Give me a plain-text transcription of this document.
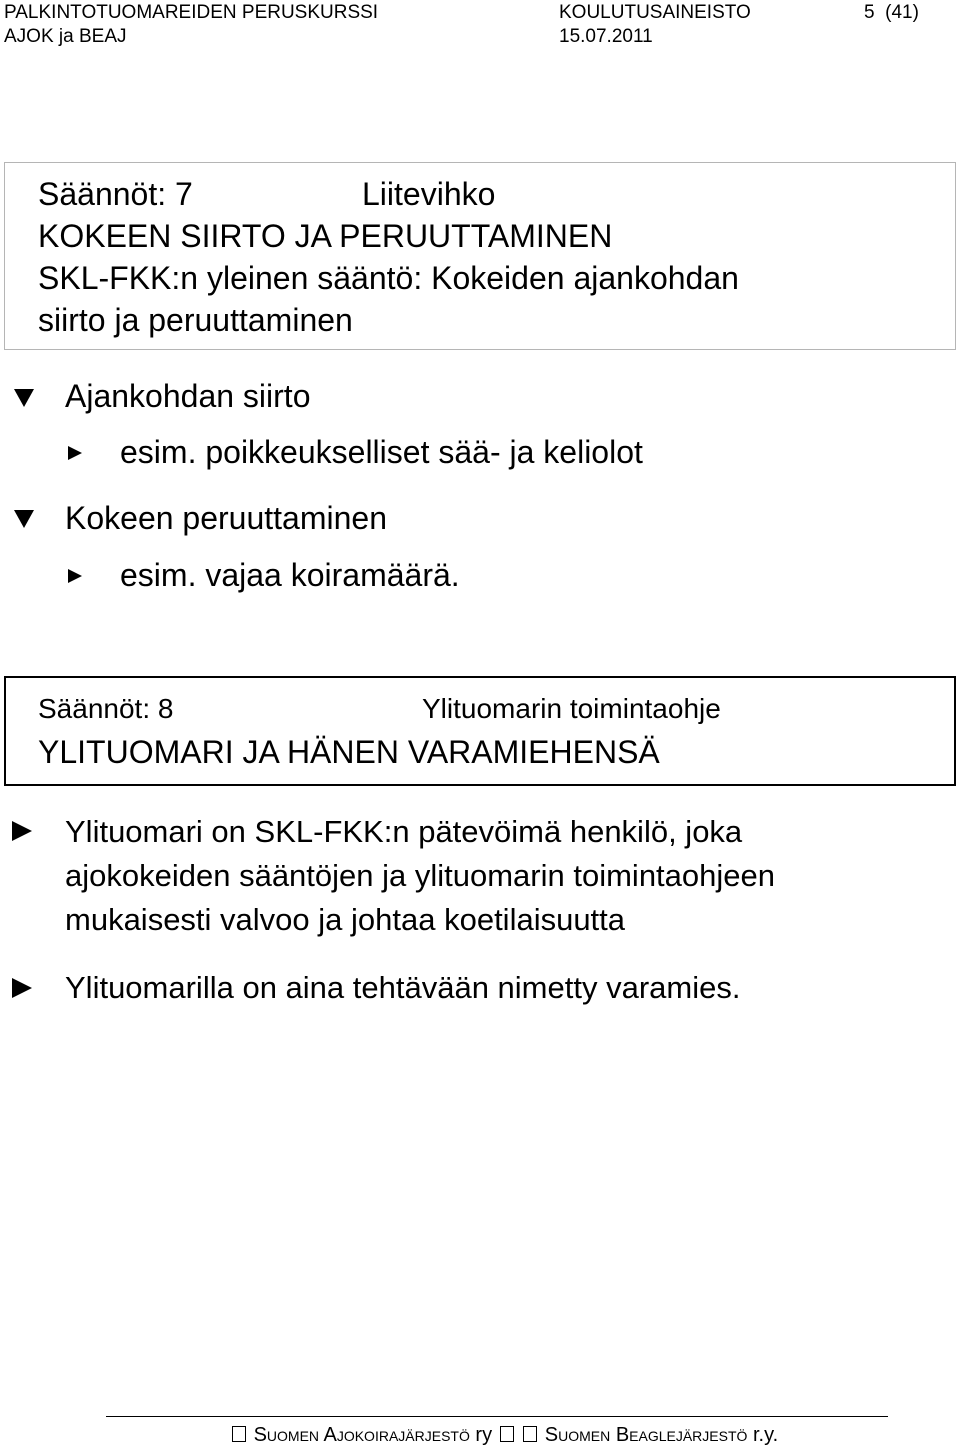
PALKINTOTUOMAREIDEN PERUSKURSSI
AJOK ja BEAJ
KOULUTUSAINEISTO
15.07.2011
5 (41)
Säännöt: 7	Liitevihko
KOKEEN SIIRTO JA PERUUTTAMINEN
SKL-FKK:n yleinen sääntö: Kokeiden ajankohdan
siirto ja peruuttaminen
Ajankohdan siirto
esim. poikkeukselliset sää- ja keliolot
Kokeen peruuttaminen
esim. vajaa koiramäärä.
Säännöt: 8	Ylituomarin toimintaohje
YLITUOMARI JA HÄNEN VARAMIEHENSÄ
Ylituomari on SKL-FKK:n pätevöimä henkilö, joka
ajokokeiden sääntöjen ja ylituomarin toimintaohjeen
mukaisesti valvoo ja johtaa koetilaisuutta
Ylituomarilla on aina tehtävään nimetty varamies.
SUOMEN AJOKOIRAJÄRJESTÖ ry	SUOMEN BEAGLEJÄRJESTÖ r.y.
